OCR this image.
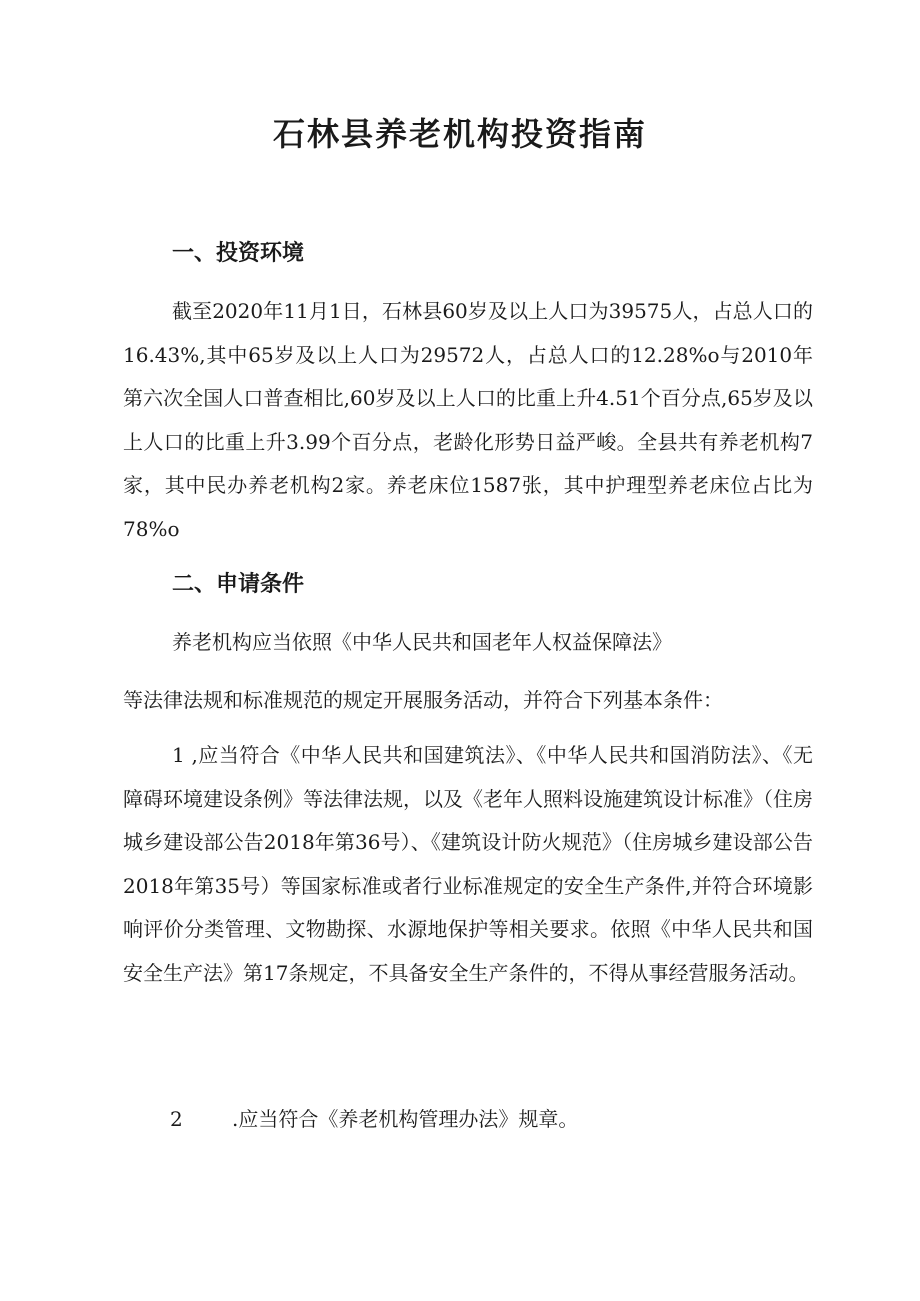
石林县养老机构投资指南
一、投资环境

截至2020年11月1日，石林县60岁及以上人口为39575人，占总人口的16.43%,其中65岁及以上人口为29572人，占总人口的12.28%o与2010年第六次全国人口普查相比,60岁及以上人口的比重上升4.51个百分点,65岁及以上人口的比重上升3.99个百分点，老龄化形势日益严峻。全县共有养老机构7家，其中民办养老机构2家。养老床位1587张，其中护理型养老床位占比为78%o

二、申请条件

养老机构应当依照《中华人民共和国老年人权益保障法》

等法律法规和标准规范的规定开展服务活动，并符合下列基本条件：

1 ,应当符合《中华人民共和国建筑法》、《中华人民共和国消防法》、《无障碍环境建设条例》等法律法规，以及《老年人照料设施建筑设计标准》（住房城乡建设部公告2018年第36号）、《建筑设计防火规范》（住房城乡建设部公告2018年第35号）等国家标准或者行业标准规定的安全生产条件,并符合环境影响评价分类管理、文物勘探、水源地保护等相关要求。依照《中华人民共和国安全生产法》第17条规定，不具备安全生产条件的，不得从事经营服务活动。

2 .应当符合《养老机构管理办法》规章。
